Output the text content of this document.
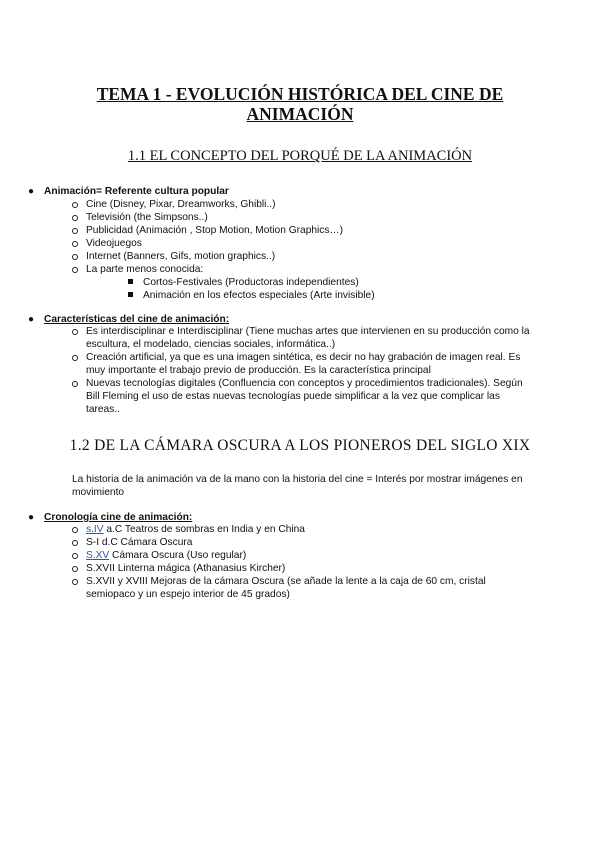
TEMA 1 - EVOLUCIÓN HISTÓRICA DEL CINE DE
ANIMACIÓN
1.1 EL CONCEPTO DEL PORQUÉ DE LA ANIMACIÓN
● Animación= Referente cultura popular
Cine (Disney, Pixar, Dreamworks, Ghibli..)
Televisión (the Simpsons..)
Publicidad (Animación , Stop Motion, Motion Graphics…)
Videojuegos
Internet (Banners, Gifs, motion graphics..)
La parte menos conocida:
Cortos-Festivales (Productoras independientes)
Animación en los efectos especiales (Arte invisible)
● Características del cine de animación:
Es interdisciplinar e Interdisciplinar (Tiene muchas artes que intervienen en su producción como la
escultura, el modelado, ciencias sociales, informática..)
Creación artificial, ya que es una imagen sintética, es decir no hay grabación de imagen real. Es
muy importante el trabajo previo de producción. Es la característica principal
Nuevas tecnologías digitales (Confluencia con conceptos y procedimientos tradicionales). Según
Bill Fleming el uso de estas nuevas tecnologías puede simplificar a la vez que complicar las
tareas..
1.2 DE LA CÁMARA OSCURA A LOS PIONEROS DEL SIGLO XIX
La historia de la animación va de la mano con la historia del cine = Interés por mostrar imágenes en
movimiento
● Cronología cine de animación:
s.IV a.C Teatros de sombras en India y en China
S-I d.C Cámara Oscura
S.XV Cámara Oscura (Uso regular)
S.XVII Linterna mágica (Athanasius Kircher)
S.XVII y XVIII Mejoras de la cámara Oscura (se añade la lente a la caja de 60 cm, cristal
semiopaco y un espejo interior de 45 grados)
